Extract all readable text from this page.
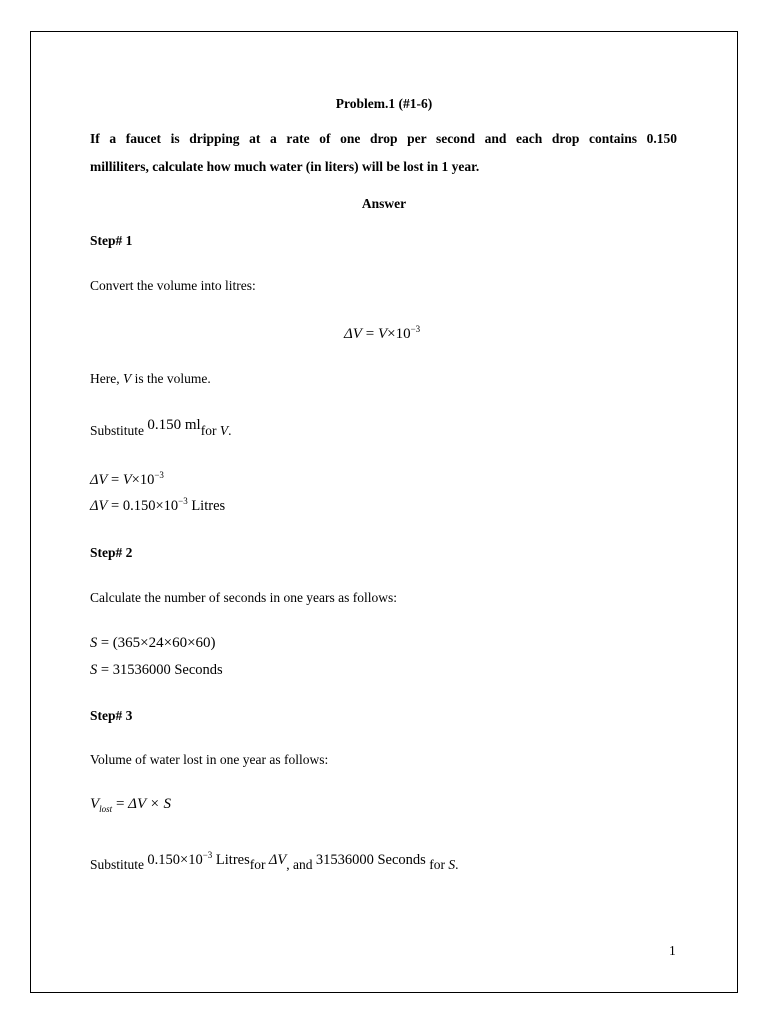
Problem.1 (#1-6)
If a faucet is dripping at a rate of one drop per second and each drop contains 0.150
milliliters, calculate how much water (in liters) will be lost in 1 year.
Answer
Step# 1
Convert the volume into litres:
$\Delta V = V\times 10^{-3}$
Here, V is the volume.
Substitute 0.150 mlfor V.
$\Delta V = V\times 10^{-3}$
$\Delta V = 0.150\times 10^{-3}$ Litres
Step# 2
Calculate the number of seconds in one years as follows:
S = (365×24×60×60)
S = 31536000 Seconds
Step# 3
Volume of water lost in one year as follows:
$V_{lost} = \Delta V \times S$
Substitute $0.150\times 10^{-3}$ Litresfor ΔV, and 31536000 Seconds for S.
1
